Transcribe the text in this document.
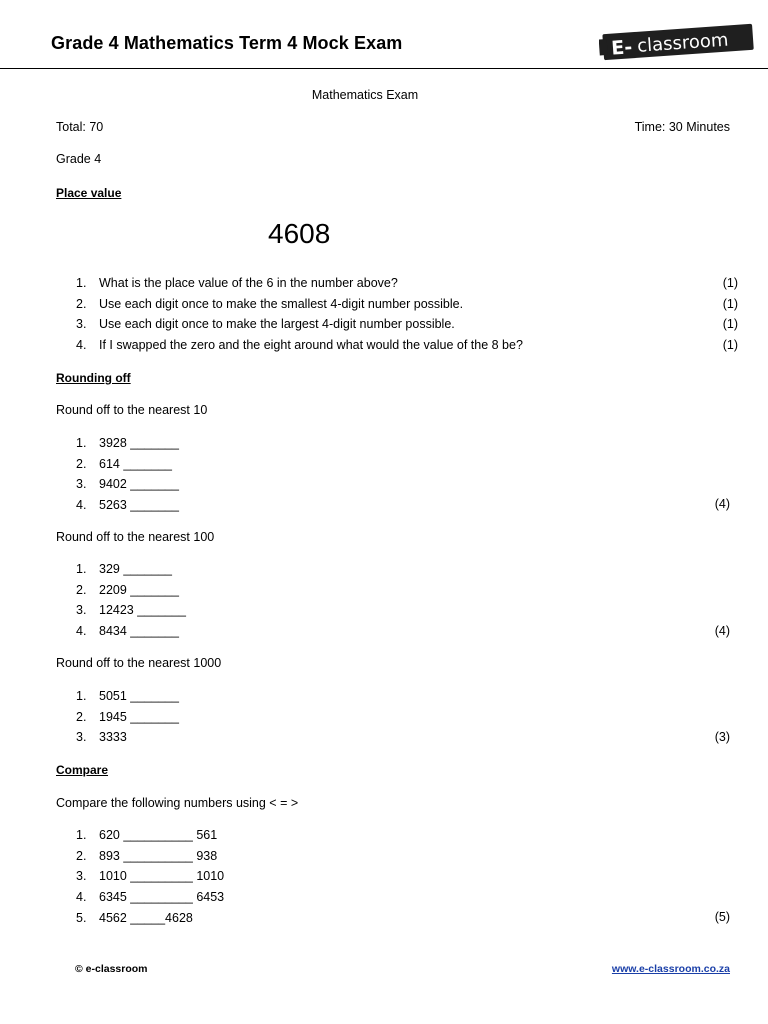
Grade 4 Mathematics Term 4 Mock Exam	E- classroom
Mathematics Exam
Total: 70	Time: 30 Minutes
Grade 4
Place value
4608
1. What is the place value of the 6 in the number above?	(1)
2. Use each digit once to make the smallest 4-digit number possible.	(1)
3. Use each digit once to make the largest 4-digit number possible.	(1)
4. If I swapped the zero and the eight around what would the value of the 8 be?	(1)
Rounding off
Round off to the nearest 10
1. 3928 _______
2. 614 _______
3. 9402 _______
4. 5263 _______	(4)
Round off to the nearest 100
1. 329 _______
2. 2209 _______
3. 12423 _______
4. 8434 _______	(4)
Round off to the nearest 1000
1. 5051 _______
2. 1945 _______
3. 3333	(3)
Compare
Compare the following numbers using < = >
1. 620 __________ 561
2. 893 __________ 938
3. 1010 _________ 1010
4. 6345 _________ 6453
5. 4562 _____4628	(5)
© e-classroom	www.e-classroom.co.za
